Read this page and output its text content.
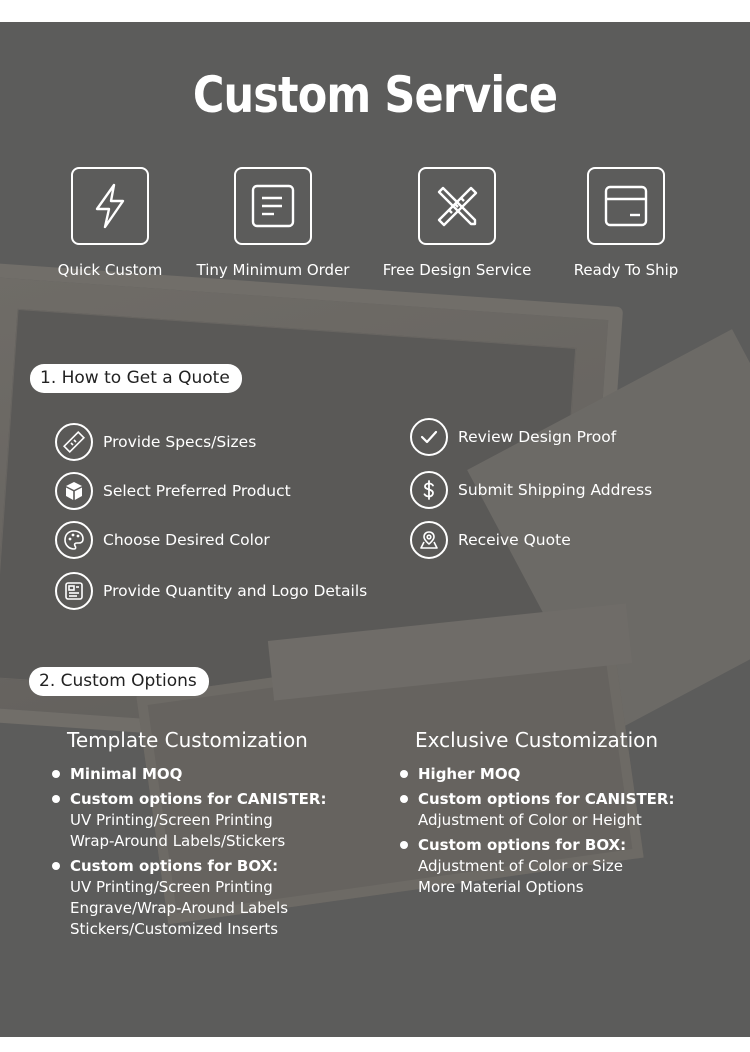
Custom Service
Quick Custom	Tiny Minimum Order	Free Design Service	Ready To Ship
1. How to Get a Quote
Provide Specs/Sizes
Select Preferred Product
Choose Desired Color
Provide Quantity and Logo Details
Review Design Proof
Submit Shipping Address
Receive Quote
2. Custom Options
Template Customization	Exclusive Customization
Minimal MOQ
Custom options for CANISTER:
UV Printing/Screen Printing
Wrap-Around Labels/Stickers
Custom options for BOX:
UV Printing/Screen Printing
Engrave/Wrap-Around Labels
Stickers/Customized Inserts
Higher MOQ
Custom options for CANISTER:
Adjustment of Color or Height
Custom options for BOX:
Adjustment of Color or Size
More Material Options
